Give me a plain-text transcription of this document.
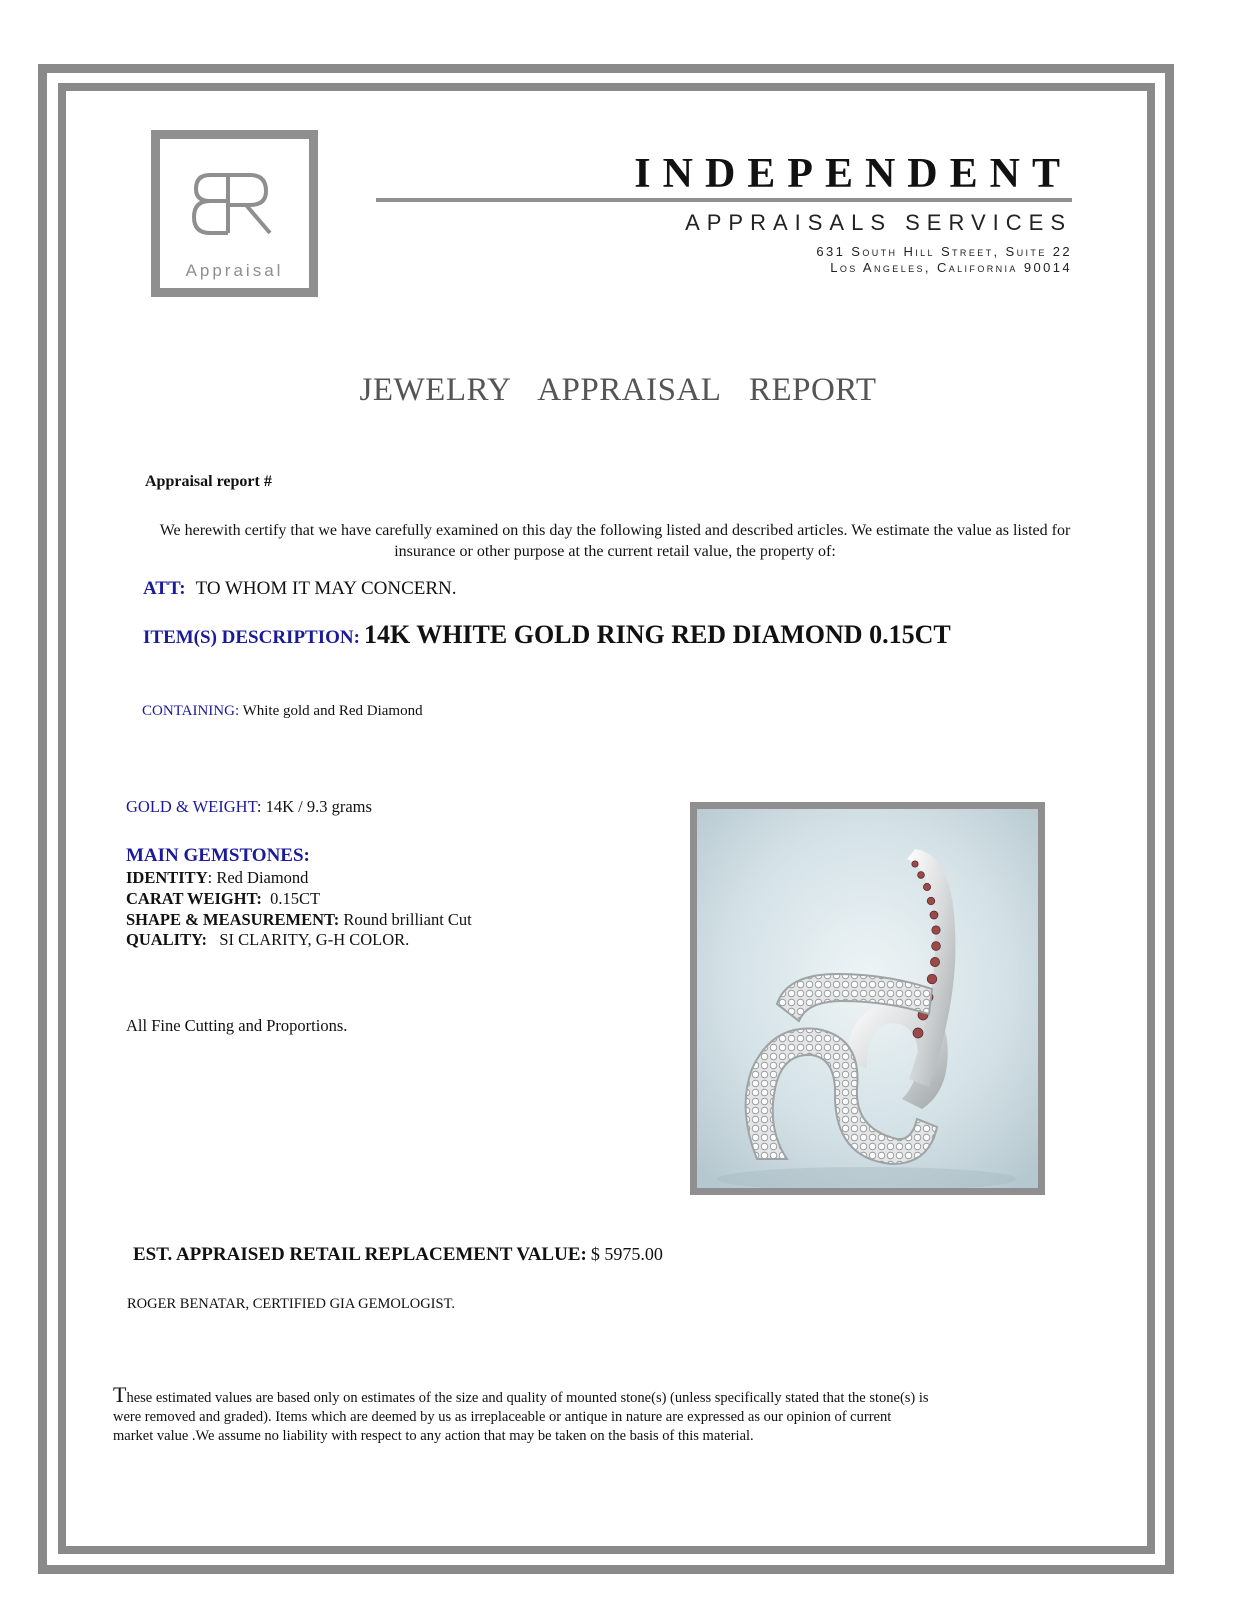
Appraisal
INDEPENDENT
APPRAISALS SERVICES
631 South Hill Street, Suite 22
Los Angeles, California 90014
JEWELRY APPRAISAL REPORT
Appraisal report #
We herewith certify that we have carefully examined on this day the following listed and described articles. We estimate the value as listed for insurance or other purpose at the current retail value, the property of:
ATT: TO WHOM IT MAY CONCERN.
ITEM(S) DESCRIPTION: 14K WHITE GOLD RING RED DIAMOND 0.15CT
CONTAINING: White gold and Red Diamond
GOLD & WEIGHT: 14K / 9.3 grams
MAIN GEMSTONES:
IDENTITY: Red Diamond
CARAT WEIGHT: 0.15CT
SHAPE & MEASUREMENT: Round brilliant Cut
QUALITY: SI CLARITY, G-H COLOR.
All Fine Cutting and Proportions.
EST. APPRAISED RETAIL REPLACEMENT VALUE: $ 5975.00
ROGER BENATAR, CERTIFIED GIA GEMOLOGIST.
These estimated values are based only on estimates of the size and quality of mounted stone(s) (unless specifically stated that the stone(s) is
were removed and graded). Items which are deemed by us as irreplaceable or antique in nature are expressed as our opinion of current
market value .We assume no liability with respect to any action that may be taken on the basis of this material.
